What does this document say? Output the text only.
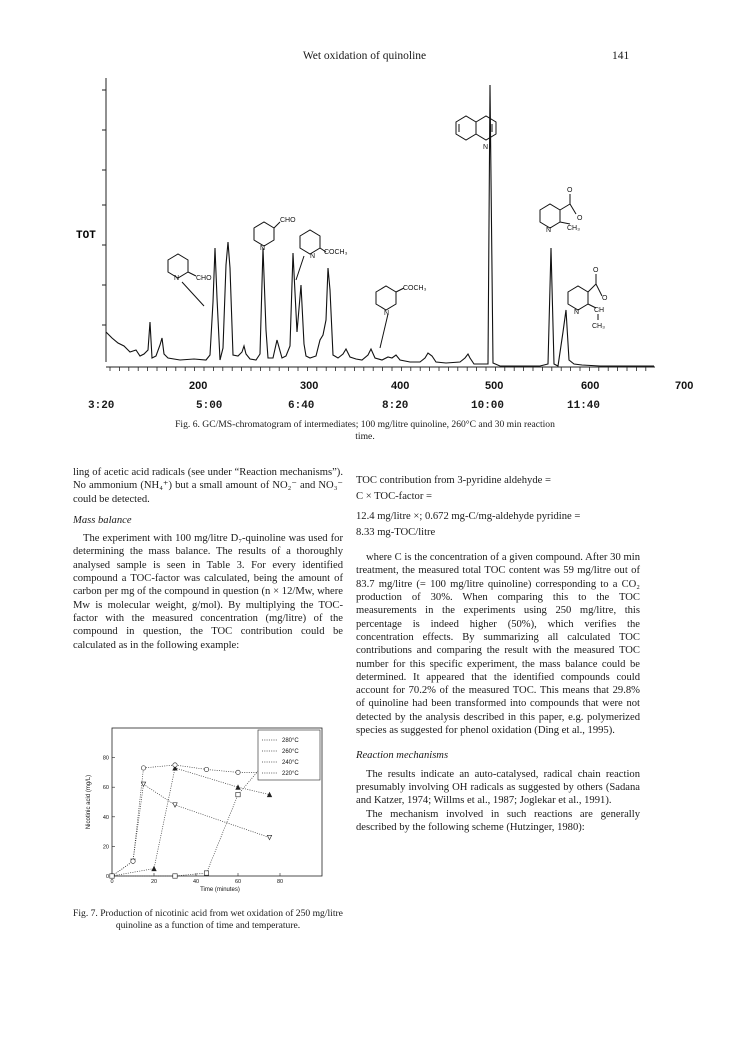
Wet oxidation of quinoline	141
TOT
200	300	400	500	600	700
N
CHO
N
CHO
N
COCH₃
N
COCH₃
N
O
O
N CH₃
O
O
N CH
CH₃
3:20	5:00	6:40	8:20	10:00	11:40
Fig. 6. GC/MS-chromatogram of intermediates; 100 mg/litre quinoline, 260°C and 30 min reaction
time.

ling of acetic acid radicals (see under “Reaction mechanisms”). No ammonium (NH₄⁺) but a small amount of NO₂⁻ and NO₃⁻ could be detected.

Mass balance

The experiment with 100 mg/litre D₇-quinoline was used for determining the mass balance. The results of a thoroughly analysed sample is seen in Table 3. For every identified compound a TOC-factor was calculated, being the amount of carbon per mg of the compound in question (n × 12/Mw, where Mw is molecular weight, g/mol). By multiplying the TOC-factor with the measured concentration (mg/litre) of the compound in question, the TOC contribution could be calculated as in the following example:

0	20	40	60	80
0
20
40
60
80
280°C
260°C
240°C
220°C
Time (minutes)
Nicotinic acid (mg/L)
Fig. 7. Production of nicotinic acid from wet oxidation of 250 mg/litre quinoline as a function of time and temperature.

TOC contribution from 3-pyridine aldehyde =

C × TOC-factor =

12.4 mg/litre ×; 0.672 mg-C/mg-aldehyde pyridine =

8.33 mg-TOC/litre

where C is the concentration of a given compound. After 30 min treatment, the measured total TOC content was 59 mg/litre out of 83.7 mg/litre (= 100 mg/litre quinoline) corresponding to a CO₂ production of 30%. When comparing this to the TOC measurements in the experiments using 250 mg/litre, this percentage is indeed higher (50%), which verifies the concentration effects. By summarizing all calculated TOC contributions and comparing the result with the measured TOC number for this specific experiment, the mass balance could be determined. It appeared that the identified compounds could account for 70.2% of the measured TOC. This means that 29.8% of quinoline had been transformed into compounds that were not detected by the analysis described in this paper, e.g. polymerized species as suggested for phenol oxidation (Ding et al., 1995).

Reaction mechanisms

The results indicate an auto-catalysed, radical chain reaction presumably involving OH radicals as suggested by others (Sadana and Katzer, 1974; Willms et al., 1987; Joglekar et al., 1991).

The mechanism involved in such reactions are generally described by the following scheme (Hutzinger, 1980):
